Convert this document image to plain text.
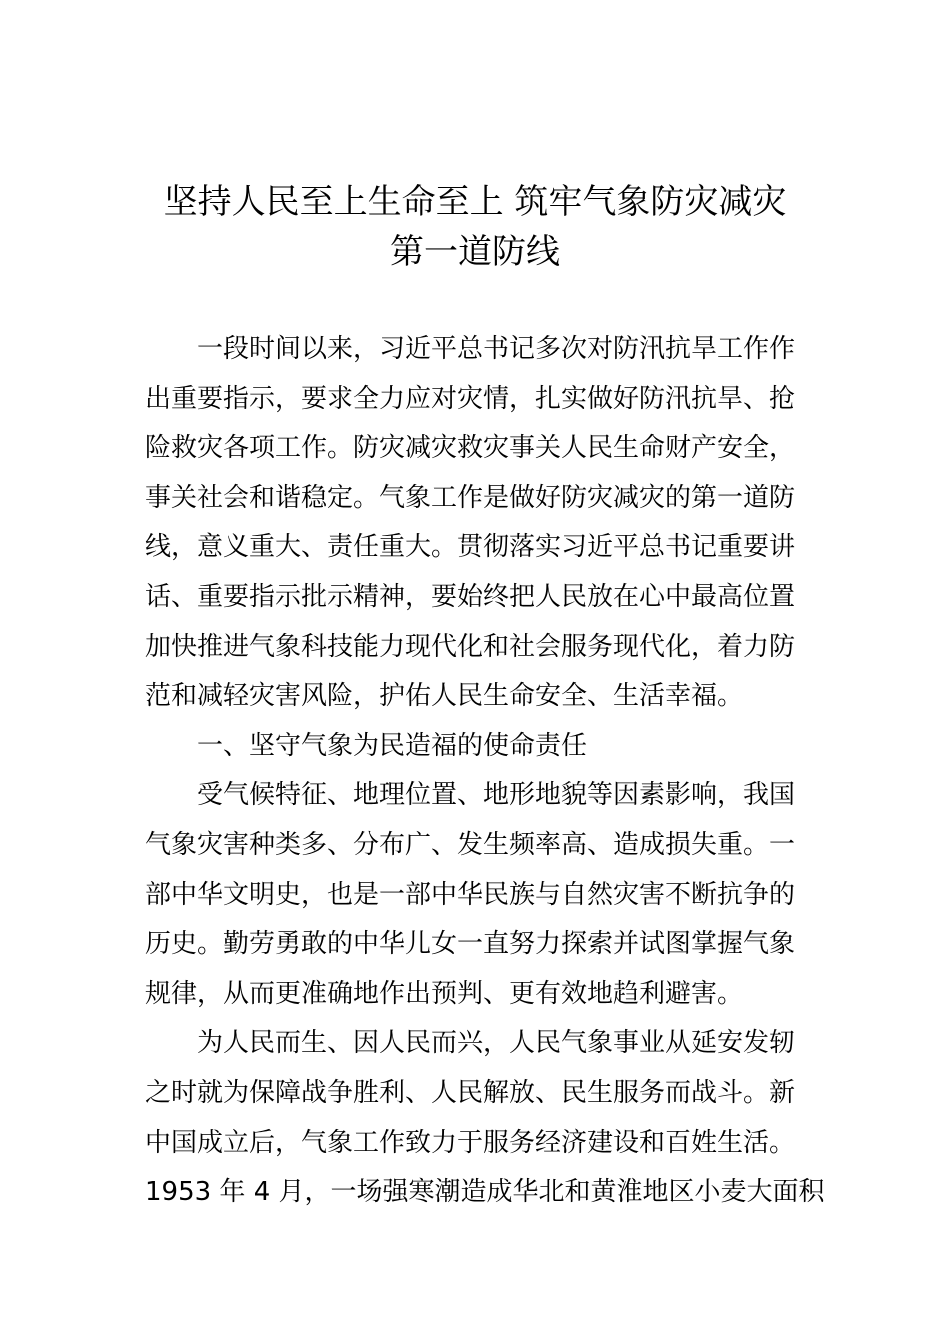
坚持人民至上生命至上 筑牢气象防灾减灾
第一道防线

一段时间以来，习近平总书记多次对防汛抗旱工作作
出重要指示，要求全力应对灾情，扎实做好防汛抗旱、抢
险救灾各项工作。防灾减灾救灾事关人民生命财产安全，
事关社会和谐稳定。气象工作是做好防灾减灾的第一道防
线，意义重大、责任重大。贯彻落实习近平总书记重要讲
话、重要指示批示精神，要始终把人民放在心中最高位置
加快推进气象科技能力现代化和社会服务现代化，着力防
范和减轻灾害风险，护佑人民生命安全、生活幸福。

一、坚守气象为民造福的使命责任

受气候特征、地理位置、地形地貌等因素影响，我国
气象灾害种类多、分布广、发生频率高、造成损失重。一
部中华文明史，也是一部中华民族与自然灾害不断抗争的
历史。勤劳勇敢的中华儿女一直努力探索并试图掌握气象
规律，从而更准确地作出预判、更有效地趋利避害。

为人民而生、因人民而兴，人民气象事业从延安发轫
之时就为保障战争胜利、人民解放、民生服务而战斗。新
中国成立后，气象工作致力于服务经济建设和百姓生活。
1953 年 4 月，一场强寒潮造成华北和黄淮地区小麦大面积
